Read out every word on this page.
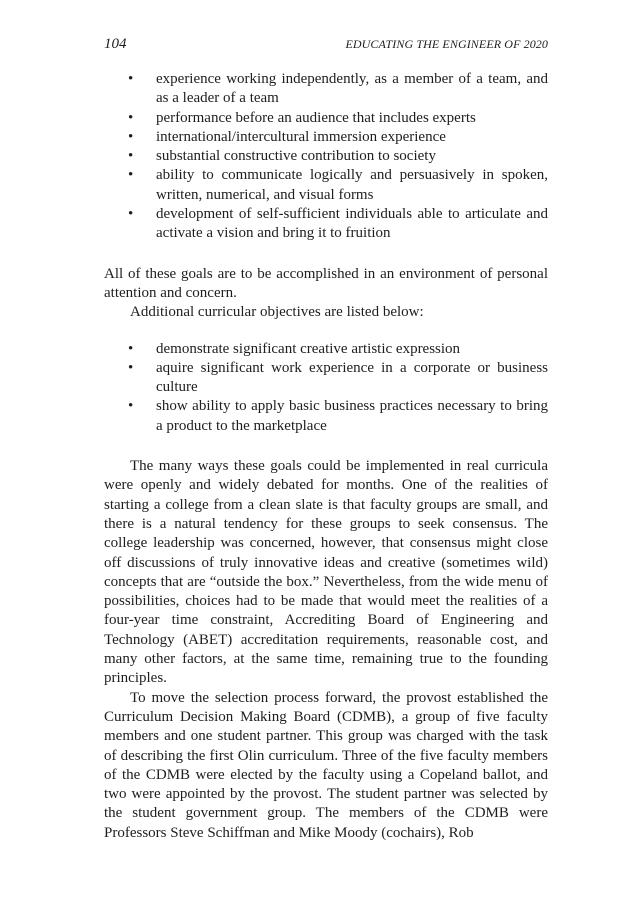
104	EDUCATING THE ENGINEER OF 2020
• experience working independently, as a member of a team, and as a leader of a team
• performance before an audience that includes experts
• international/intercultural immersion experience
• substantial constructive contribution to society
• ability to communicate logically and persuasively in spoken, written, numerical, and visual forms
• development of self-sufficient individuals able to articulate and activate a vision and bring it to fruition

All of these goals are to be accomplished in an environment of personal attention and concern.

Additional curricular objectives are listed below:

• demonstrate significant creative artistic expression
• aquire significant work experience in a corporate or business culture
• show ability to apply basic business practices necessary to bring a product to the marketplace

The many ways these goals could be implemented in real curricula were openly and widely debated for months. One of the realities of starting a college from a clean slate is that faculty groups are small, and there is a natural tendency for these groups to seek consensus. The college leadership was concerned, however, that consensus might close off discussions of truly innovative ideas and creative (sometimes wild) concepts that are “outside the box.” Nevertheless, from the wide menu of possibilities, choices had to be made that would meet the realities of a four-year time constraint, Accrediting Board of Engineering and Technology (ABET) accreditation requirements, reasonable cost, and many other factors, at the same time, remaining true to the founding principles.

To move the selection process forward, the provost established the Curriculum Decision Making Board (CDMB), a group of five faculty members and one student partner. This group was charged with the task of describing the first Olin curriculum. Three of the five faculty members of the CDMB were elected by the faculty using a Copeland ballot, and two were appointed by the provost. The student partner was selected by the student government group. The members of the CDMB were Professors Steve Schiffman and Mike Moody (cochairs), Rob
